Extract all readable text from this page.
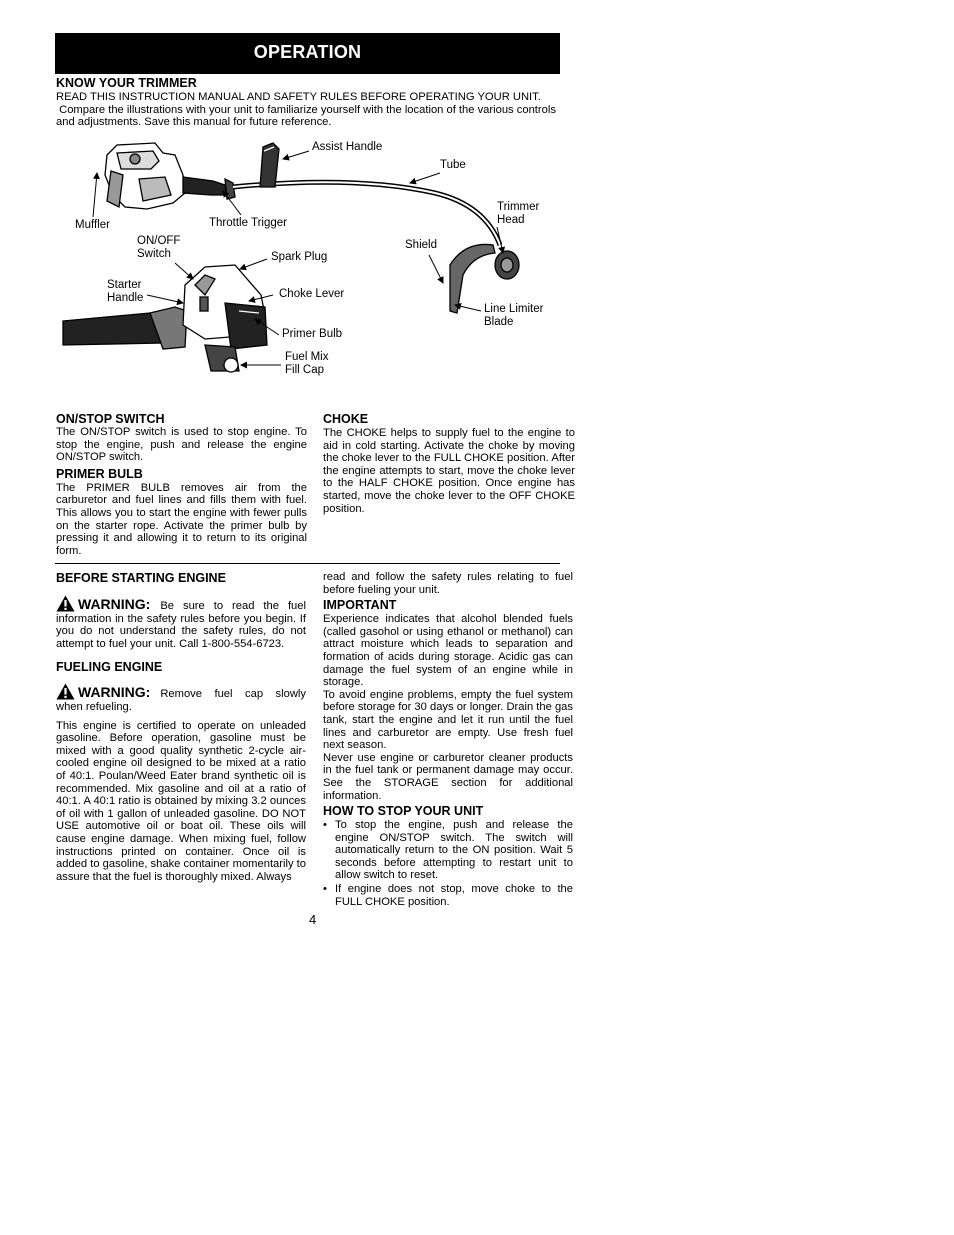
OPERATION
KNOW YOUR TRIMMER
READ THIS INSTRUCTION MANUAL AND SAFETY RULES BEFORE OPERATING YOUR UNIT.
Compare the illustrations with your unit to familiarize yourself with the location of the various controls
and adjustments. Save this manual for future reference.
Assist Handle
Tube
Muffler	Throttle Trigger
Trimmer
Head
ON/OFF
Switch	Spark Plug
Shield
Starter
Handle	Choke Lever
Line Limiter
Blade
Primer Bulb
Fuel Mix
Fill Cap
ON/STOP SWITCH
The ON/STOP switch is used to stop engine. To stop the engine, push and release the engine ON/STOP switch.
PRIMER BULB
The PRIMER BULB removes air from the carburetor and fuel lines and fills them with fuel. This allows you to start the engine with fewer pulls on the starter rope. Activate the primer bulb by pressing it and allowing it to return to its original form.
CHOKE
The CHOKE helps to supply fuel to the engine to aid in cold starting. Activate the choke by moving the choke lever to the FULL CHOKE position. After the engine attempts to start, move the choke lever to the HALF CHOKE position. Once engine has started, move the choke lever to the OFF CHOKE position.
BEFORE STARTING ENGINE
WARNING: Be sure to read the fuel information in the safety rules before you begin. If you do not understand the safety rules, do not attempt to fuel your unit. Call 1-800-554-6723.
FUELING ENGINE
WARNING: Remove fuel cap slowly when refueling.
This engine is certified to operate on unleaded gasoline. Before operation, gasoline must be mixed with a good quality synthetic 2-cycle air-cooled engine oil designed to be mixed at a ratio of 40:1. Poulan/Weed Eater brand synthetic oil is recommended. Mix gasoline and oil at a ratio of 40:1. A 40:1 ratio is obtained by mixing 3.2 ounces of oil with 1 gallon of unleaded gasoline. DO NOT USE automotive oil or boat oil. These oils will cause engine damage. When mixing fuel, follow instructions printed on container. Once oil is added to gasoline, shake container momentarily to assure that the fuel is thoroughly mixed. Always
read and follow the safety rules relating to fuel before fueling your unit.
IMPORTANT
Experience indicates that alcohol blended fuels (called gasohol or using ethanol or methanol) can attract moisture which leads to separation and formation of acids during storage. Acidic gas can damage the fuel system of an engine while in storage.
To avoid engine problems, empty the fuel system before storage for 30 days or longer. Drain the gas tank, start the engine and let it run until the fuel lines and carburetor are empty. Use fresh fuel next season.
Never use engine or carburetor cleaner products in the fuel tank or permanent damage may occur. See the STORAGE section for additional information.
HOW TO STOP YOUR UNIT
• To stop the engine, push and release the engine ON/STOP switch. The switch will automatically return to the ON position. Wait 5 seconds before attempting to restart unit to allow switch to reset.
• If engine does not stop, move choke to the FULL CHOKE position.
4
